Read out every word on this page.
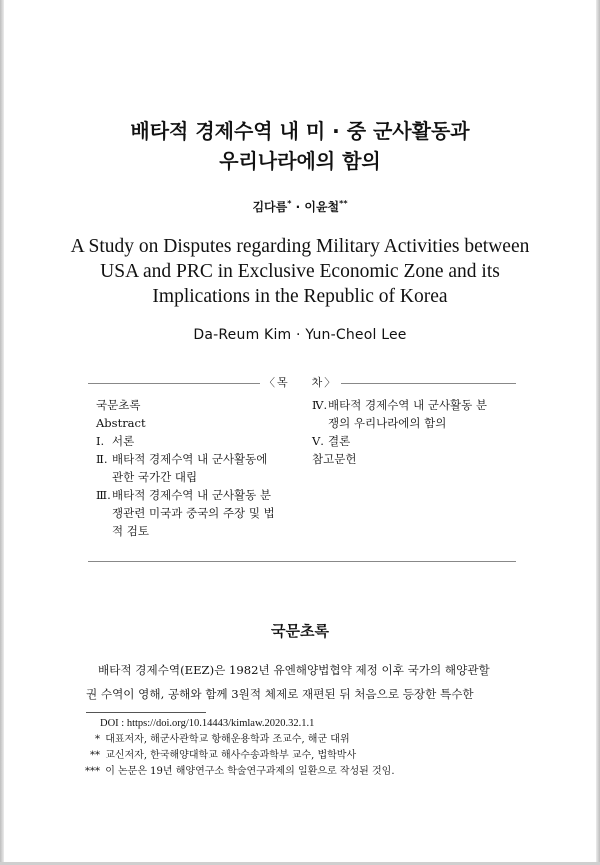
배타적 경제수역 내 미 · 중 군사활동과
우리나라에의 함의
김다름* · 이윤철**
A Study on Disputes regarding Military Activities between
USA and PRC in Exclusive Economic Zone and its
Implications in the Republic of Korea
Da-Reum Kim · Yun-Cheol Lee
〈목 차〉

국문초록

Abstract

Ⅰ. 서론

Ⅱ. 배타적 경제수역 내 군사활동에
관한 국가간 대립

Ⅲ.배타적 경제수역 내 군사활동 분
쟁관련 미국과 중국의 주장 및 법
적 검토

Ⅳ.배타적 경제수역 내 군사활동 분
쟁의 우리나라에의 함의

Ⅴ. 결론

참고문헌

국문초록
배타적 경제수역(EEZ)은 1982년 유엔해양법협약 제정 이후 국가의 해양관할
권 수역이 영해, 공해와 함께 3원적 체제로 재편된 뒤 처음으로 등장한 특수한
DOI : https://doi.org/10.14443/kimlaw.2020.32.1.1
* 대표저자, 해군사관학교 항해운용학과 조교수, 해군 대위
** 교신저자, 한국해양대학교 해사수송과학부 교수, 법학박사
*** 이 논문은 19년 해양연구소 학술연구과제의 일환으로 작성된 것임.
